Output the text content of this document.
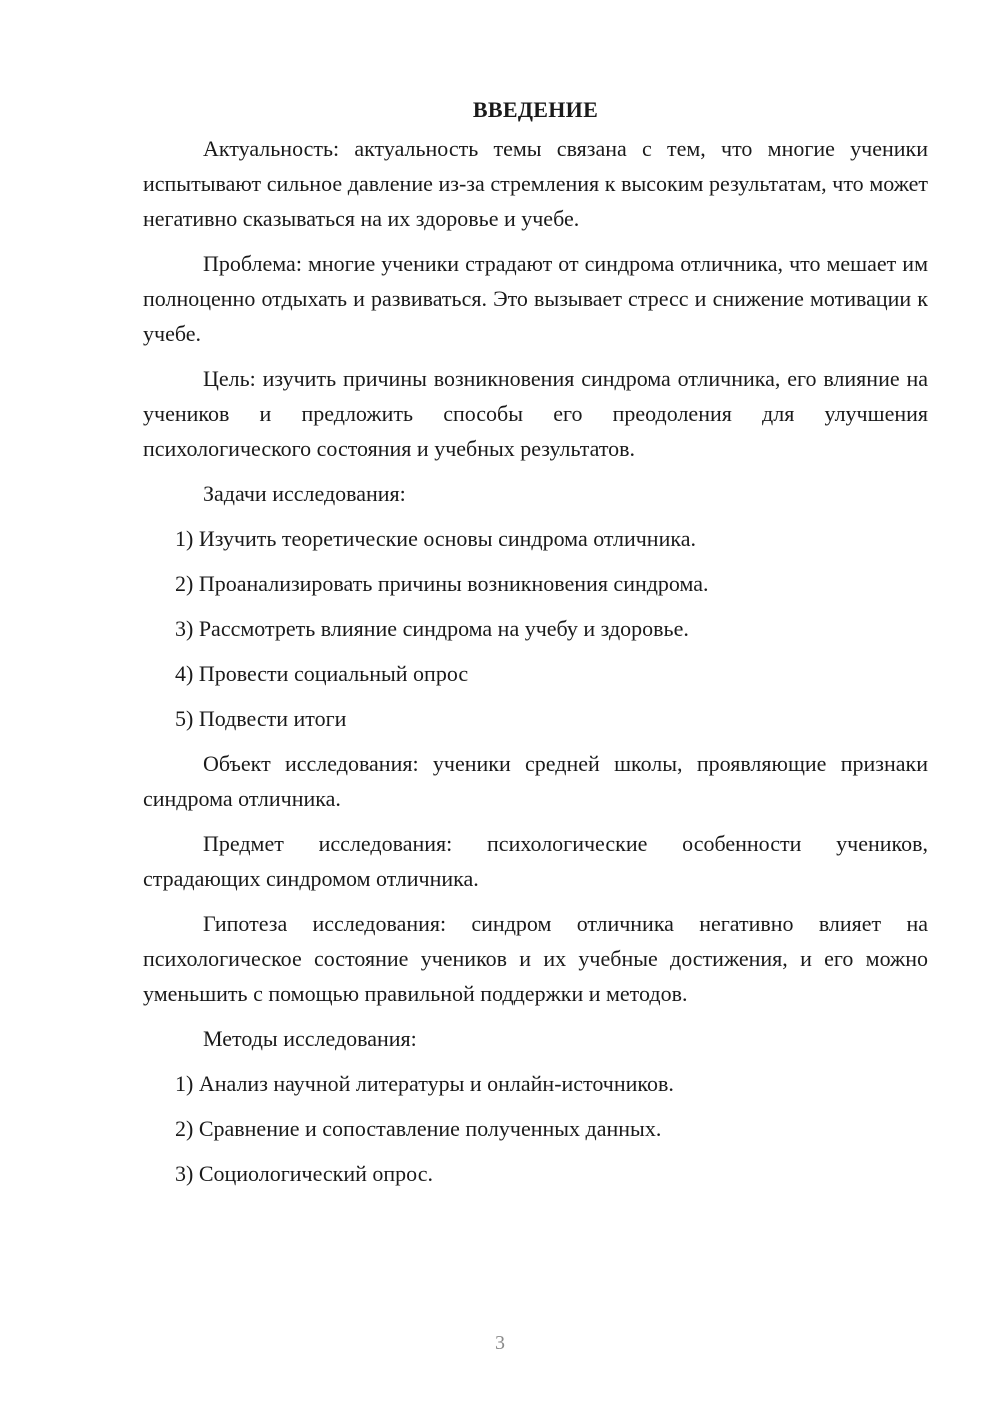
ВВЕДЕНИЕ

Актуальность: актуальность темы связана с тем, что многие ученики испытывают сильное давление из-за стремления к высоким результатам, что может негативно сказываться на их здоровье и учебе.

Проблема: многие ученики страдают от синдрома отличника, что мешает им полноценно отдыхать и развиваться. Это вызывает стресс и снижение мотивации к учебе.

Цель: изучить причины возникновения синдрома отличника, его влияние на учеников и предложить способы его преодоления для улучшения психологического состояния и учебных результатов.

Задачи исследования:

1) Изучить теоретические основы синдрома отличника.
2) Проанализировать причины возникновения синдрома.
3) Рассмотреть влияние синдрома на учебу и здоровье.
4) Провести социальный опрос
5) Подвести итоги

Объект исследования: ученики средней школы, проявляющие признаки синдрома отличника.

Предмет исследования: психологические особенности учеников, страдающих синдромом отличника.

Гипотеза исследования: синдром отличника негативно влияет на психологическое состояние учеников и их учебные достижения, и его можно уменьшить с помощью правильной поддержки и методов.

Методы исследования:

1) Анализ научной литературы и онлайн-источников.
2) Сравнение и сопоставление полученных данных.
3) Социологический опрос.
3
